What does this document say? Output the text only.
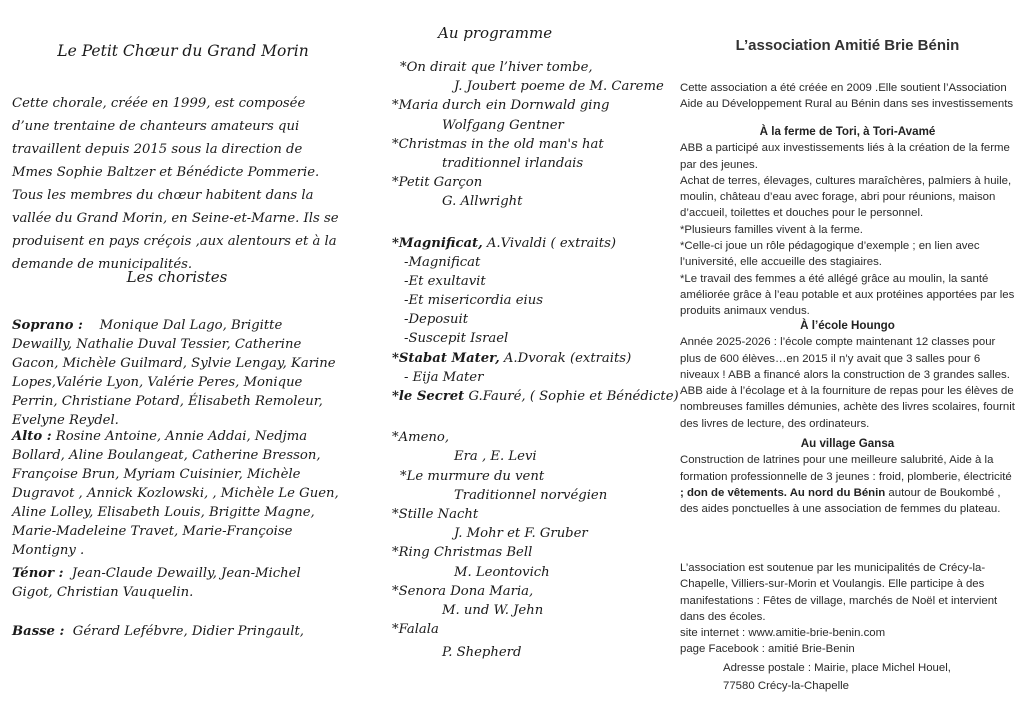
Le Petit Chœur du Grand Morin
Cette chorale, créée en 1999, est composée d’une trentaine de chanteurs amateurs qui travaillent depuis 2015 sous la direction de Mmes Sophie Baltzer et Bénédicte Pommerie. Tous les membres du chœur habitent dans la vallée du Grand Morin, en Seine-et-Marne. Ils se produisent en pays créçois ,aux alentours et à la demande de municipalités.
Les choristes
Soprano : Monique Dal Lago, Brigitte Dewailly, Nathalie Duval Tessier, Catherine Gacon, Michèle Guilmard, Sylvie Lengay, Karine Lopes,Valérie Lyon, Valérie Peres, Monique Perrin, Christiane Potard, Élisabeth Remoleur, Evelyne Reydel.
Alto : Rosine Antoine, Annie Addai, Nedjma Bollard, Aline Boulangeat, Catherine Bresson, Françoise Brun, Myriam Cuisinier, Michèle Dugravot , Annick Kozlowski, , Michèle Le Guen, Aline Lolley, Elisabeth Louis, Brigitte Magne, Marie-Madeleine Travet, Marie-Françoise Montigny .
Ténor : Jean-Claude Dewailly, Jean-Michel Gigot, Christian Vauquelin.
Basse : Gérard Lefébvre, Didier Pringault,
Au programme
*On dirait que l’hiver tombe,
J. Joubert poeme de M. Careme
*Maria durch ein Dornwald ging
Wolfgang Gentner
*Christmas in the old man's hat
traditionnel irlandais
*Petit Garçon
G. Allwright
*Magnificat, A.Vivaldi ( extraits)
-Magnificat
-Et exultavit
-Et misericordia eius
-Deposuit
-Suscepit Israel
*Stabat Mater, A.Dvorak (extraits)
- Eija Mater
*le Secret G.Fauré, ( Sophie et Bénédicte)
*Ameno,
Era , E. Levi
*Le murmure du vent
Traditionnel norvégien
*Stille Nacht
J. Mohr et F. Gruber
*Ring Christmas Bell
M. Leontovich
*Senora Dona Maria,
M. und W. Jehn
*Falala
P. Shepherd
L’association Amitié Brie Bénin

Cette association a été créée en 2009 .Elle soutient l’Association Aide au Développement Rural au Bénin dans ses investissements

À la ferme de Tori, à Tori-Avamé

ABB a participé aux investissements liés à la création de la ferme par des jeunes.

Achat de terres, élevages, cultures maraîchères, palmiers à huile, moulin, château d’eau avec forage, abri pour réunions, maison d’accueil, toilettes et douches pour le personnel.

*Plusieurs familles vivent à la ferme.

*Celle-ci joue un rôle pédagogique d’exemple ; en lien avec l’université, elle accueille des stagiaires.

*Le travail des femmes a été allégé grâce au moulin, la santé améliorée grâce à l’eau potable et aux protéines apportées par les produits animaux vendus.

À l’école Houngo

Année 2025-2026 : l’école compte maintenant 12 classes pour plus de 600 élèves…en 2015 il n’y avait que 3 salles pour 6 niveaux ! ABB a financé alors la construction de 3 grandes salles.

ABB aide à l’écolage et à la fourniture de repas pour les élèves de nombreuses familles démunies, achète des livres scolaires, fournit des livres de lecture, des ordinateurs.

Au village Gansa

Construction de latrines pour une meilleure salubrité, Aide à la formation professionnelle de 3 jeunes : froid, plomberie, électricité ; don de vêtements. Au nord du Bénin autour de Boukombé , des aides ponctuelles à une association de femmes du plateau.

L’association est soutenue par les municipalités de Crécy-la-Chapelle, Villiers-sur-Morin et Voulangis. Elle participe à des manifestations : Fêtes de village, marchés de Noël et intervient dans des écoles.

site internet : www.amitie-brie-benin.com

page Facebook : amitié Brie-Benin

Adresse postale : Mairie, place Michel Houel,

77580 Crécy-la-Chapelle
